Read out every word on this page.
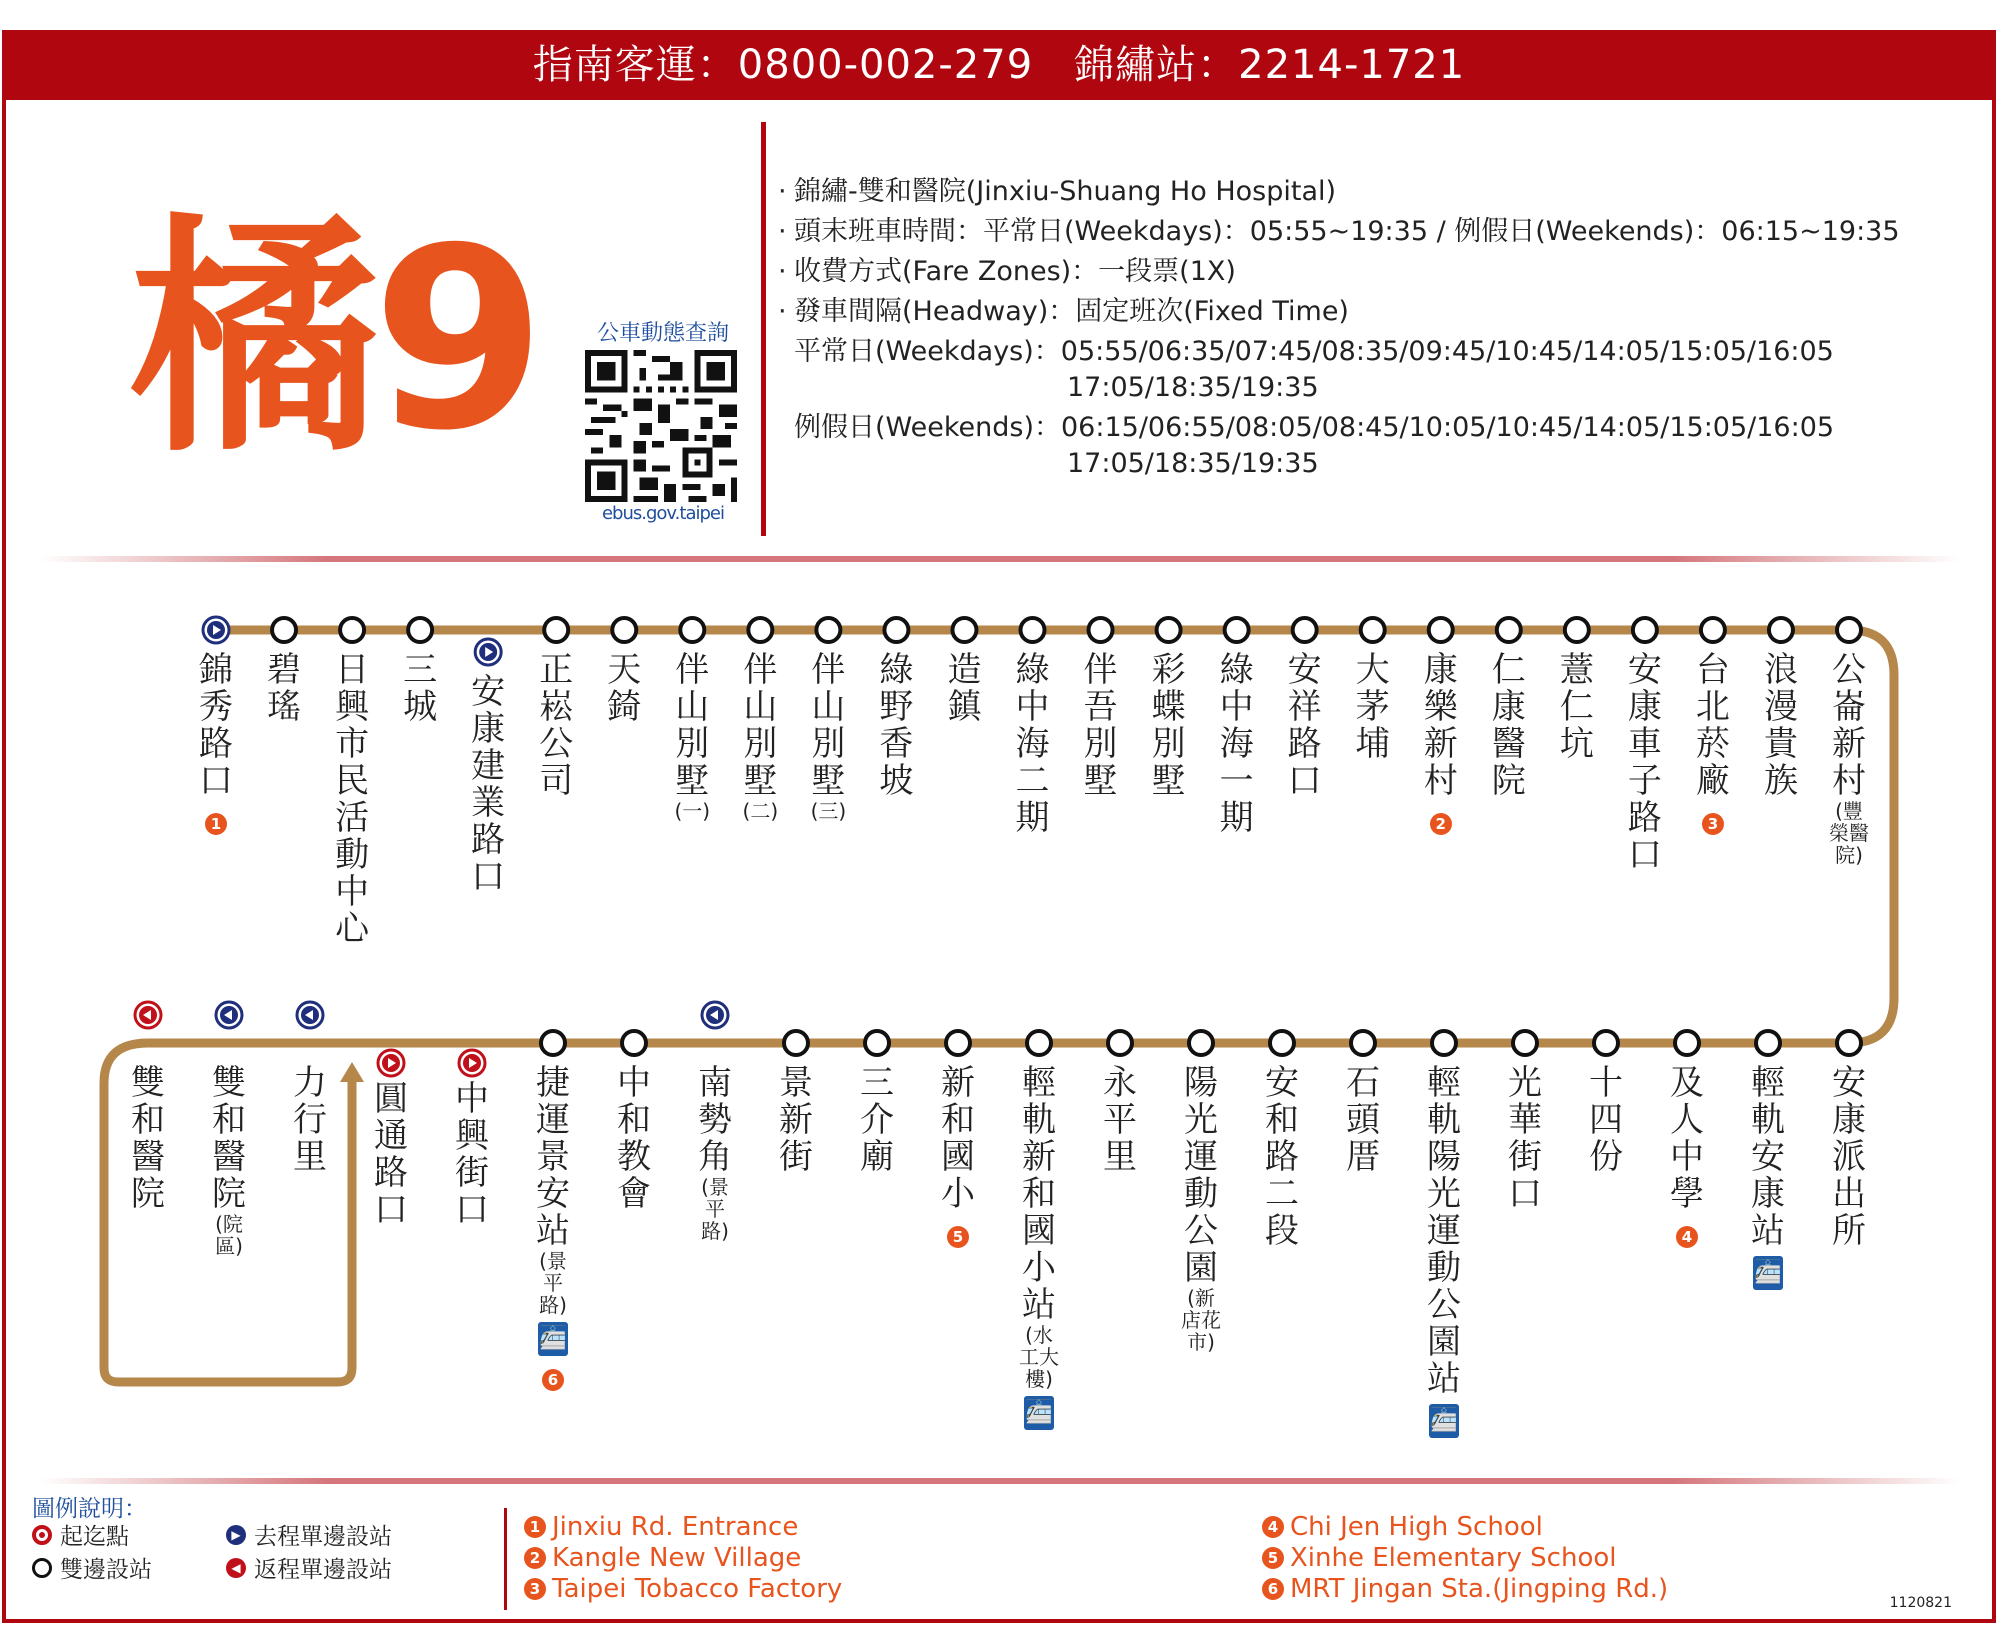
指南客運：0800-002-279　錦繡站：2214-1721
橘9	公車動態查詢
ebus.gov.taipei
· 錦繡-雙和醫院(Jinxiu-Shuang Ho Hospital)
· 頭末班車時間：平常日(Weekdays)：05:55~19:35 / 例假日(Weekends)：06:15~19:35
· 收費方式(Fare Zones)：一段票(1X)
· 發車間隔(Headway)：固定班次(Fixed Time)
平常日(Weekdays)：05:55/06:35/07:45/08:35/09:45/10:45/14:05/15:05/16:05
17:05/18:35/19:35
例假日(Weekends)：06:15/06:55/08:05/08:45/10:05/10:45/14:05/15:05/16:05
17:05/18:35/19:35
錦秀路口1
碧瑤
日興市民活動中心
三城 安康建業路口
正崧公司
天錡
伴山別墅
(一)
伴山別墅
(二)
伴山別墅
(三)
綠野香坡
造鎮
綠中海二期
伴吾別墅
彩蝶別墅
綠中海一期
安祥路口
大茅埔
康樂新村2
仁康醫院
薏仁坑
安康車子路口
台北菸廠3
浪漫貴族
公崙新村
(豐榮醫院)
安康派出所
輕軌安康站🚈
及人中學4
十四份
光華街口
輕軌陽光運動公園站🚈
石頭厝
安和路二段
陽光運動公園
(新店花市)
永平里
輕軌新和國小站
(水工大樓)
🚈
新和國小5
三介廟
景新街
南勢角
(景平路)
中和教會
捷運景安站
(景平路)
🚈6
中興街口
圓通路口
力行里
雙和醫院
(院區)
雙和醫院
圖例說明：
起迄點
雙邊設站
▶ 去程單邊設站
◀ 返程單邊設站
1 Jinxiu Rd. Entrance
2 Kangle New Village
3 Taipei Tobacco Factory
4 Chi Jen High School
5 Xinhe Elementary School
6 MRT Jingan Sta.(Jingping Rd.)	1120821
